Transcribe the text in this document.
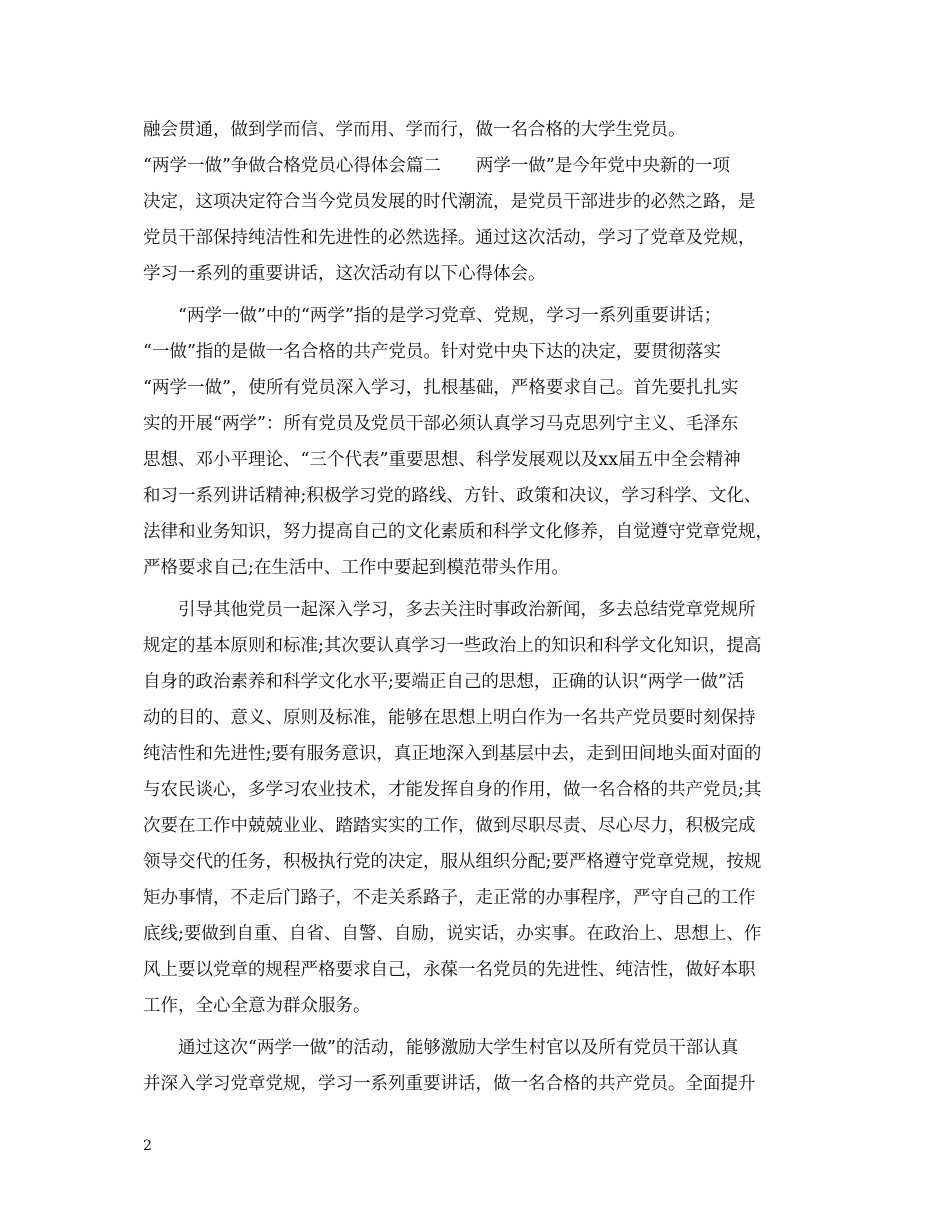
融会贯通，做到学而信、学而用、学而行，做一名合格的大学生党员。
“两学一做”争做合格党员心得体会篇二　　两学一做”是今年党中央新的一项
决定，这项决定符合当今党员发展的时代潮流，是党员干部进步的必然之路，是
党员干部保持纯洁性和先进性的必然选择。通过这次活动，学习了党章及党规，
学习一系列的重要讲话，这次活动有以下心得体会。
　　“两学一做”中的“两学”指的是学习党章、党规，学习一系列重要讲话；
“一做”指的是做一名合格的共产党员。针对党中央下达的决定，要贯彻落实
“两学一做”，使所有党员深入学习，扎根基础，严格要求自己。首先要扎扎实
实的开展“两学”：所有党员及党员干部必须认真学习马克思列宁主义、毛泽东
思想、邓小平理论、“三个代表”重要思想、科学发展观以及xx届五中全会精神
和习一系列讲话精神;积极学习党的路线、方针、政策和决议，学习科学、文化、
法律和业务知识，努力提高自己的文化素质和科学文化修养，自觉遵守党章党规，
严格要求自己;在生活中、工作中要起到模范带头作用。
　　引导其他党员一起深入学习，多去关注时事政治新闻，多去总结党章党规所
规定的基本原则和标准;其次要认真学习一些政治上的知识和科学文化知识，提高
自身的政治素养和科学文化水平;要端正自己的思想，正确的认识“两学一做”活
动的目的、意义、原则及标准，能够在思想上明白作为一名共产党员要时刻保持
纯洁性和先进性;要有服务意识，真正地深入到基层中去，走到田间地头面对面的
与农民谈心，多学习农业技术，才能发挥自身的作用，做一名合格的共产党员;其
次要在工作中兢兢业业、踏踏实实的工作，做到尽职尽责、尽心尽力，积极完成
领导交代的任务，积极执行党的决定，服从组织分配;要严格遵守党章党规，按规
矩办事情，不走后门路子，不走关系路子，走正常的办事程序，严守自己的工作
底线;要做到自重、自省、自警、自励，说实话，办实事。在政治上、思想上、作
风上要以党章的规程严格要求自己，永葆一名党员的先进性、纯洁性，做好本职
工作，全心全意为群众服务。
　　通过这次“两学一做”的活动，能够激励大学生村官以及所有党员干部认真
并深入学习党章党规，学习一系列重要讲话，做一名合格的共产党员。全面提升
2
